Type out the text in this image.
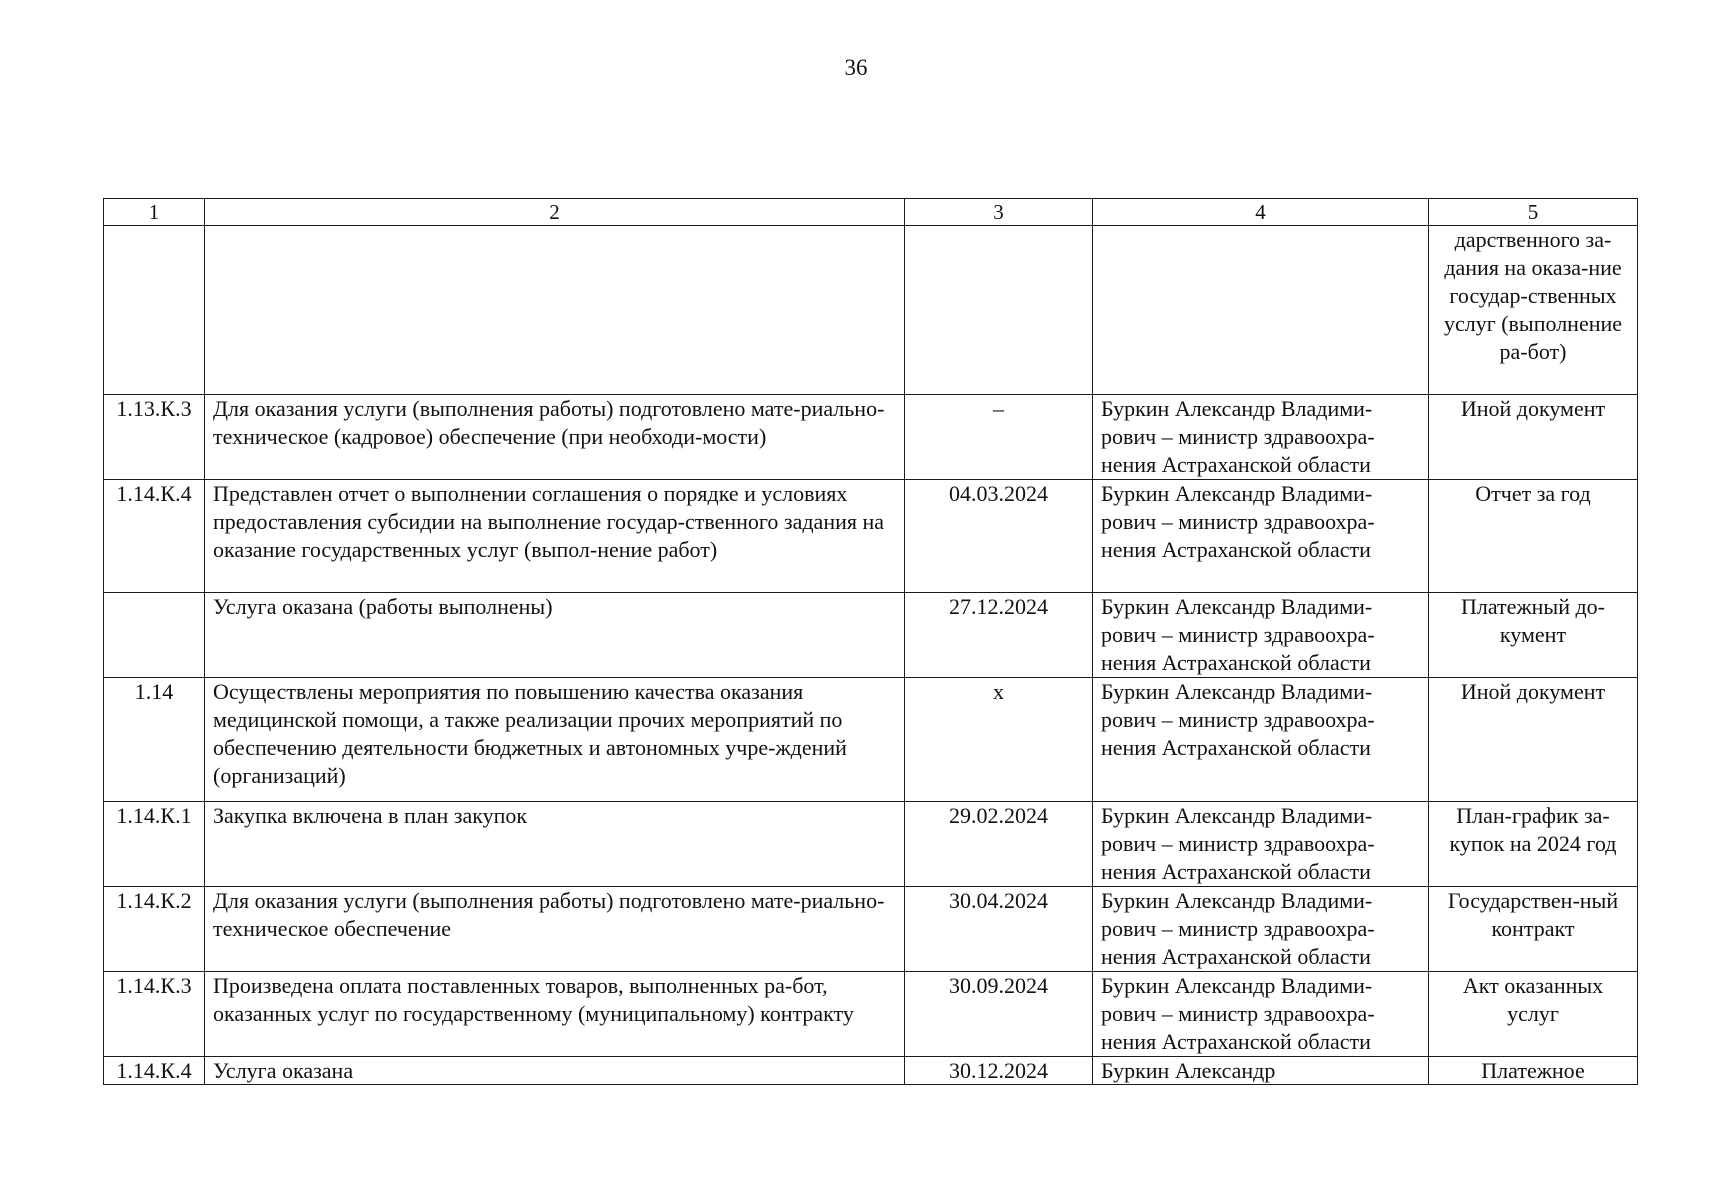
36
1	2	3	4	5
				дарственного за-дания на оказа-ние государ-ственных услуг (выполнение ра-бот)
1.13.К.3	Для оказания услуги (выполнения работы) подготовлено мате-риально-техническое (кадровое) обеспечение (при необходи-мости)	–	Буркин Александр Владими-рович – министр здравоохра-нения Астраханской области	Иной документ
1.14.К.4	Представлен отчет о выполнении соглашения о порядке и условиях предоставления субсидии на выполнение государ-ственного задания на оказание государственных услуг (выпол-нение работ)	04.03.2024	Буркин Александр Владими-рович – министр здравоохра-нения Астраханской области	Отчет за год
	Услуга оказана (работы выполнены)	27.12.2024	Буркин Александр Владими-рович – министр здравоохра-нения Астраханской области	Платежный до-кумент
1.14	Осуществлены мероприятия по повышению качества оказания медицинской помощи, а также реализации прочих мероприятий по обеспечению деятельности бюджетных и автономных учре-ждений (организаций)	х	Буркин Александр Владими-рович – министр здравоохра-нения Астраханской области	Иной документ
1.14.К.1	Закупка включена в план закупок	29.02.2024	Буркин Александр Владими-рович – министр здравоохра-нения Астраханской области	План-график за-купок на 2024 год
1.14.К.2	Для оказания услуги (выполнения работы) подготовлено мате-риально-техническое обеспечение	30.04.2024	Буркин Александр Владими-рович – министр здравоохра-нения Астраханской области	Государствен-ный контракт
1.14.К.3	Произведена оплата поставленных товаров, выполненных ра-бот, оказанных услуг по государственному (муниципальному) контракту	30.09.2024	Буркин Александр Владими-рович – министр здравоохра-нения Астраханской области	Акт оказанных услуг
1.14.К.4	Услуга оказана	30.12.2024	Буркин Александр	Платежное
